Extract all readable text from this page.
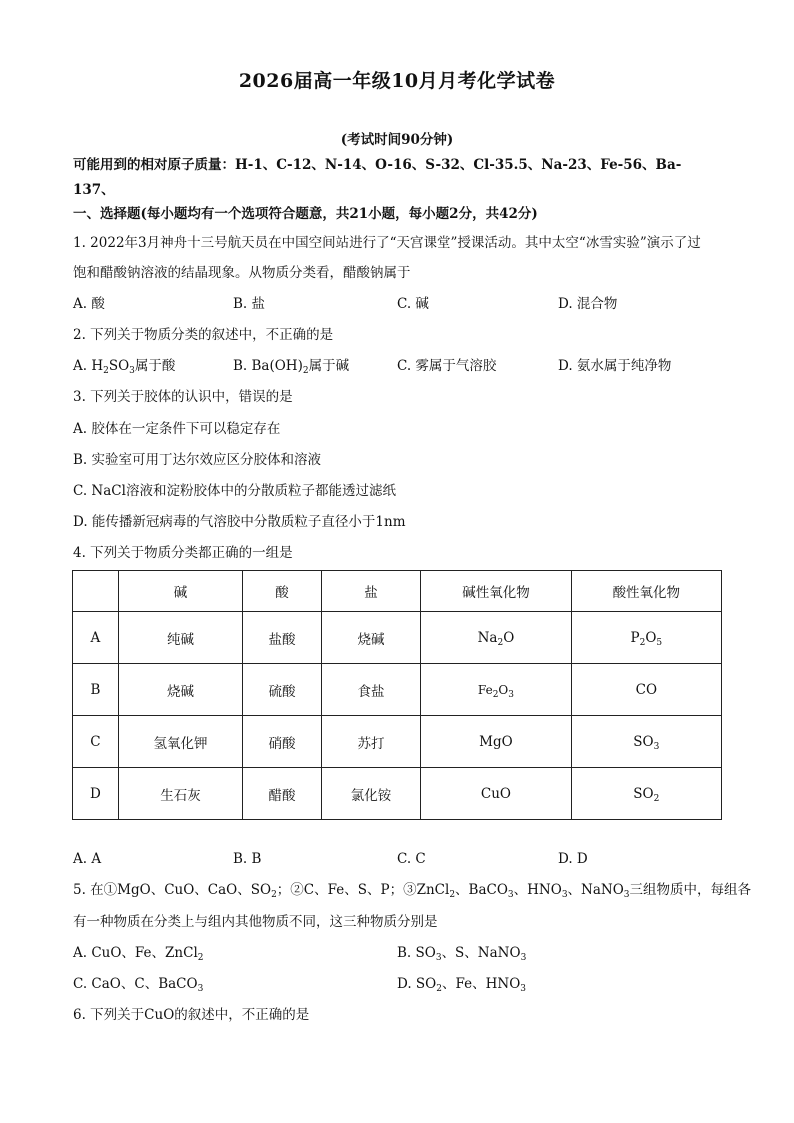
2026届高一年级10月月考化学试卷
(考试时间90分钟)
可能用到的相对原子质量：H-1、C-12、N-14、O-16、S-32、Cl-35.5、Na-23、Fe-56、Ba-
137、
一、选择题(每小题均有一个选项符合题意，共21小题，每小题2分，共42分)
1. 2022年3月神舟十三号航天员在中国空间站进行了“天宫课堂”授课活动。其中太空“冰雪实验”演示了过
饱和醋酸钠溶液的结晶现象。从物质分类看，醋酸钠属于
A. 酸	B. 盐	C. 碱	D. 混合物
2. 下列关于物质分类的叙述中，不正确的是
A. $H_2SO_3$属于酸	B. $Ba(OH)_2$属于碱	C. 雾属于气溶胶	D. 氨水属于纯净物
3. 下列关于胶体的认识中，错误的是
A. 胶体在一定条件下可以稳定存在
B. 实验室可用丁达尔效应区分胶体和溶液
C. NaCl溶液和淀粉胶体中的分散质粒子都能透过滤纸
D. 能传播新冠病毒的气溶胶中分散质粒子直径小于1nm
4. 下列关于物质分类都正确的一组是
	碱	酸	盐	碱性氧化物	酸性氧化物
A	纯碱	盐酸	烧碱	$Na_2O$	$P_2O_5$
B	烧碱	硫酸	食盐	$Fe_2O_3$	CO
C	氢氧化钾	硝酸	苏打	MgO	$SO_3$
D	生石灰	醋酸	氯化铵	CuO	$SO_2$
A. A	B. B	C. C	D. D
5. 在①MgO、CuO、CaO、$SO_2$；②C、Fe、S、P；③ZnCl$_2$、BaCO$_3$、$HNO_3$、NaNO$_3$三组物质中，每组各
有一种物质在分类上与组内其他物质不同，这三种物质分别是
A. CuO、Fe、ZnCl$_2$	B. $SO_3$、S、NaNO$_3$
C. CaO、C、BaCO$_3$	D. $SO_2$、Fe、$HNO_3$
6. 下列关于CuO的叙述中，不正确的是
